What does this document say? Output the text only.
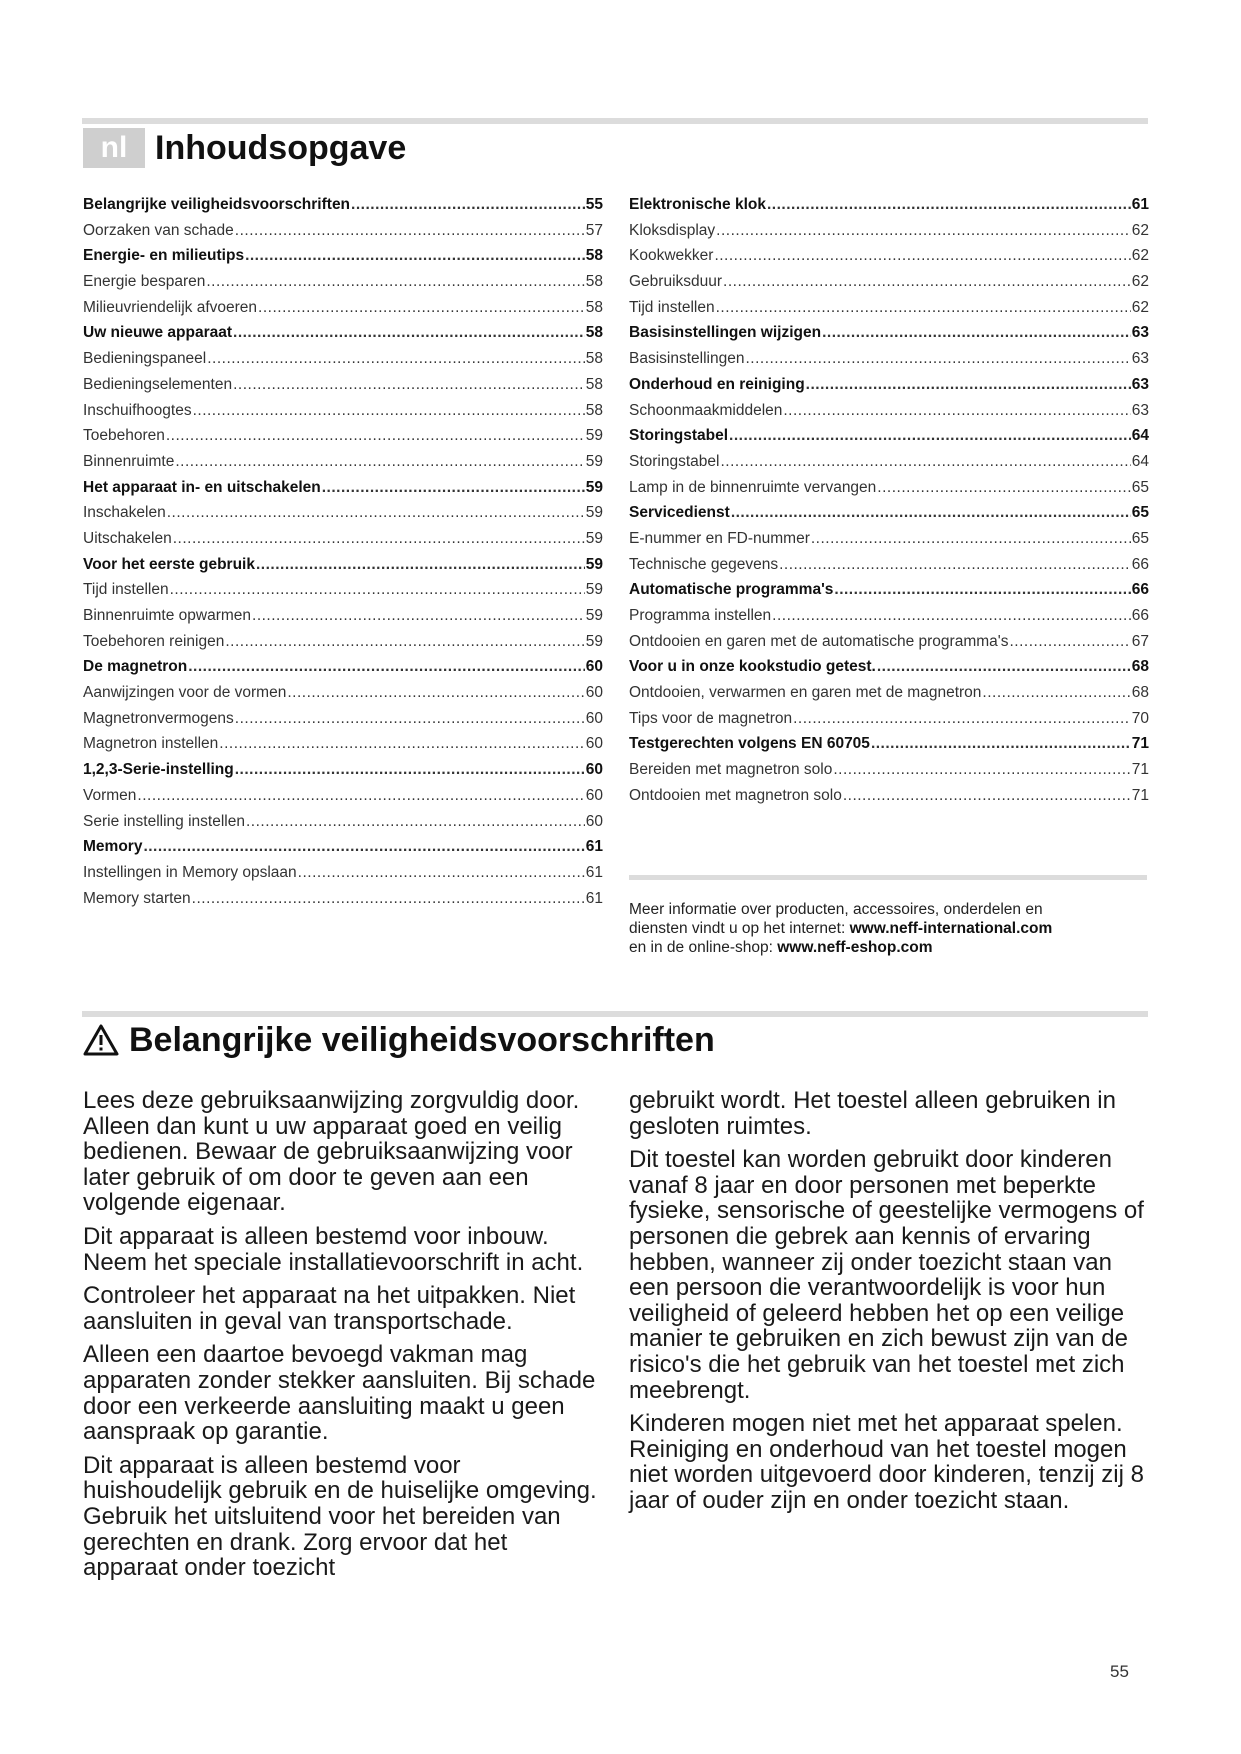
nl Inhoudsopgave
Belangrijke veiligheidsvoorschriften .....	55
Oorzaken van schade .....	57
Energie- en milieutips .....	58
Energie besparen .....	58
Milieuvriendelijk afvoeren .....	58
Uw nieuwe apparaat .....	58
Bedieningspaneel .....	58
Bedieningselementen .....	58
Inschuifhoogtes .....	58
Toebehoren .....	59
Binnenruimte .....	59
Het apparaat in- en uitschakelen .....	59
Inschakelen .....	59
Uitschakelen .....	59
Voor het eerste gebruik .....	59
Tijd instellen .....	59
Binnenruimte opwarmen .....	59
Toebehoren reinigen .....	59
De magnetron .....	60
Aanwijzingen voor de vormen .....	60
Magnetronvermogens .....	60
Magnetron instellen .....	60
1,2,3-Serie-instelling .....	60
Vormen .....	60
Serie instelling instellen .....	60
Memory .....	61
Instellingen in Memory opslaan .....	61
Memory starten .....	61
Elektronische klok .....	61
Kloksdisplay .....	62
Kookwekker .....	62
Gebruiksduur .....	62
Tijd instellen .....	62
Basisinstellingen wijzigen .....	63
Basisinstellingen .....	63
Onderhoud en reiniging .....	63
Schoonmaakmiddelen .....	63
Storingstabel .....	64
Storingstabel .....	64
Lamp in de binnenruimte vervangen .....	65
Servicedienst .....	65
E-nummer en FD-nummer .....	65
Technische gegevens .....	66
Automatische programma's .....	66
Programma instellen .....	66
Ontdooien en garen met de automatische programma's .....	67
Voor u in onze kookstudio getest. .....	68
Ontdooien, verwarmen en garen met de magnetron .....	68
Tips voor de magnetron .....	70
Testgerechten volgens EN 60705 .....	71
Bereiden met magnetron solo .....	71
Ontdooien met magnetron solo .....	71
Meer informatie over producten, accessoires, onderdelen en
diensten vindt u op het internet: www.neff-international.com
en in de online-shop: www.neff-eshop.com
Belangrijke veiligheidsvoorschriften

Lees deze gebruiksaanwijzing zorgvuldig door. Alleen dan kunt u uw apparaat goed en veilig bedienen. Bewaar de gebruiksaanwijzing voor later gebruik of om door te geven aan een volgende eigenaar.

Dit apparaat is alleen bestemd voor inbouw. Neem het speciale installatievoorschrift in acht.

Controleer het apparaat na het uitpakken. Niet aansluiten in geval van transportschade.

Alleen een daartoe bevoegd vakman mag apparaten zonder stekker aansluiten. Bij schade door een verkeerde aansluiting maakt u geen aanspraak op garantie.

Dit apparaat is alleen bestemd voor huishoudelijk gebruik en de huiselijke omgeving. Gebruik het uitsluitend voor het bereiden van gerechten en drank. Zorg ervoor dat het apparaat onder toezicht

gebruikt wordt. Het toestel alleen gebruiken in gesloten ruimtes.

Dit toestel kan worden gebruikt door kinderen vanaf 8 jaar en door personen met beperkte fysieke, sensorische of geestelijke vermogens of personen die gebrek aan kennis of ervaring hebben, wanneer zij onder toezicht staan van een persoon die verantwoordelijk is voor hun veiligheid of geleerd hebben het op een veilige manier te gebruiken en zich bewust zijn van de risico's die het gebruik van het toestel met zich meebrengt.

Kinderen mogen niet met het apparaat spelen. Reiniging en onderhoud van het toestel mogen niet worden uitgevoerd door kinderen, tenzij zij 8 jaar of ouder zijn en onder toezicht staan.

55
